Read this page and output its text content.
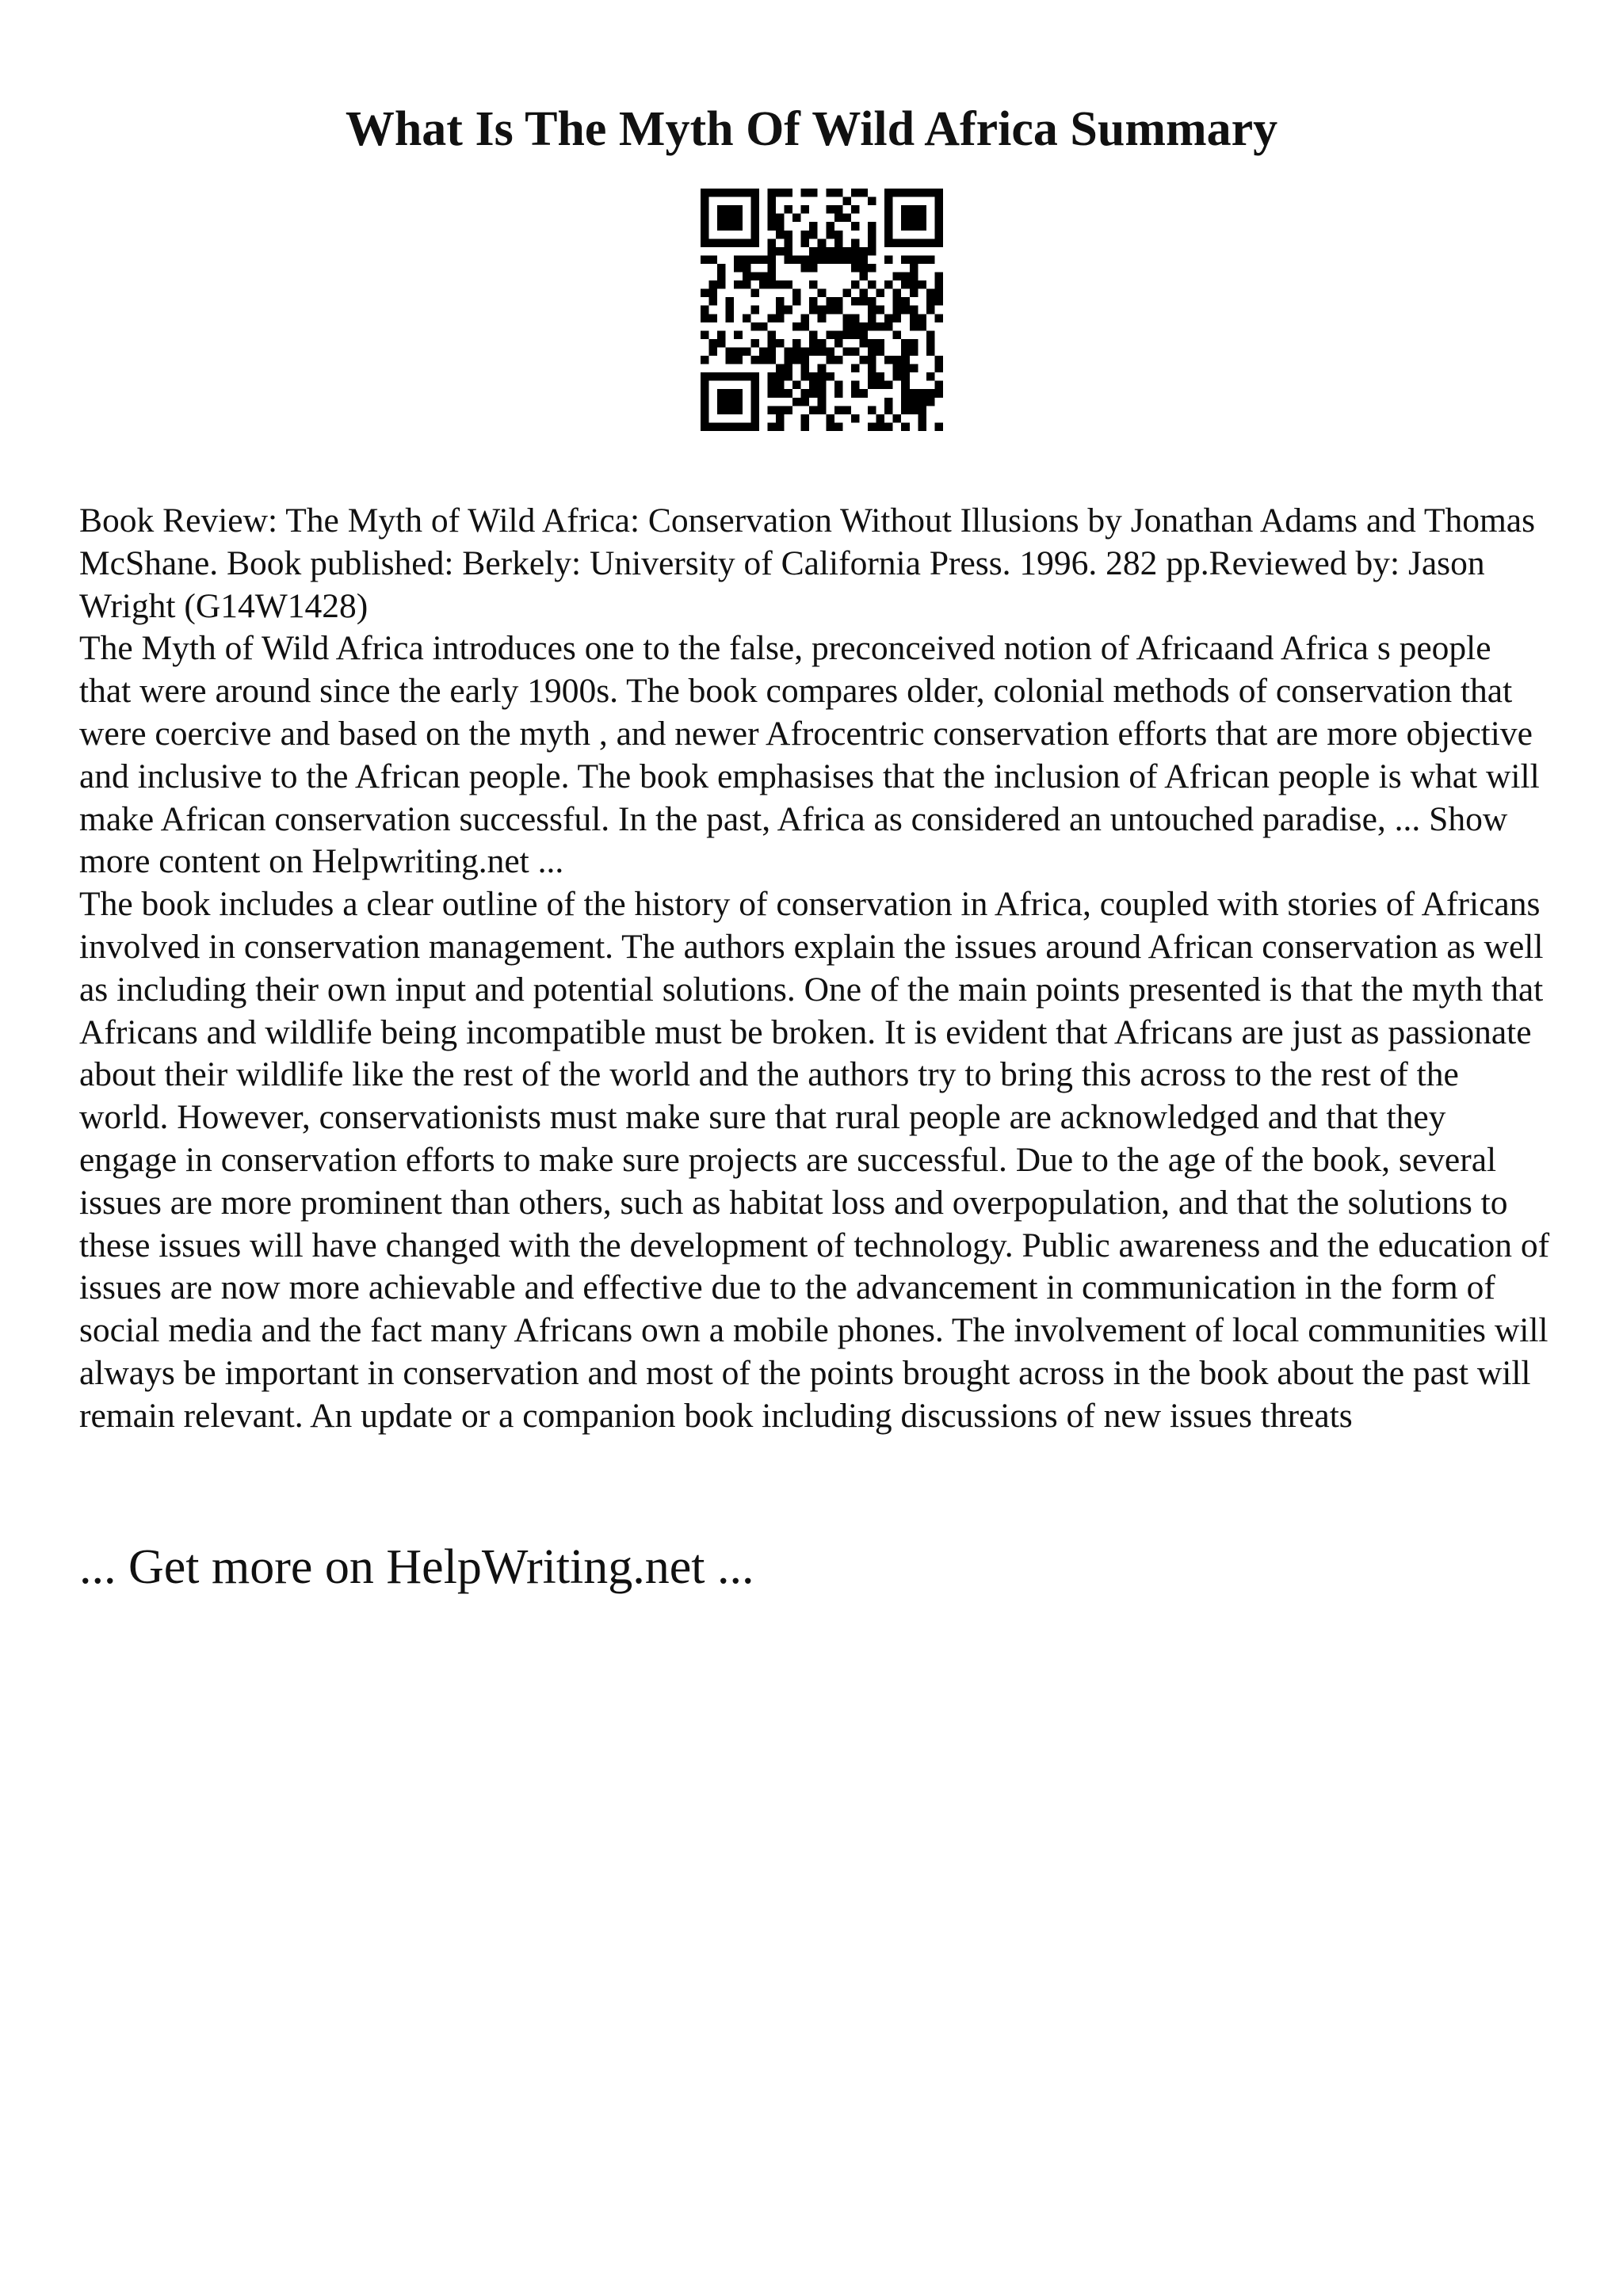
What Is The Myth Of Wild Africa Summary

Book Review: The Myth of Wild Africa: Conservation Without Illusions by Jonathan Adams and Thomas McShane. Book published: Berkely: University of California Press. 1996. 282 pp.Reviewed by: Jason Wright (G14W1428)

The Myth of Wild Africa introduces one to the false, preconceived notion of Africaand Africa s people that were around since the early 1900s. The book compares older, colonial methods of conservation that were coercive and based on the myth , and newer Afrocentric conservation efforts that are more objective and inclusive to the African people. The book emphasises that the inclusion of African people is what will make African conservation successful. In the past, Africa as considered an untouched paradise, ... Show more content on Helpwriting.net ...

The book includes a clear outline of the history of conservation in Africa, coupled with stories of Africans involved in conservation management. The authors explain the issues around African conservation as well as including their own input and potential solutions. One of the main points presented is that the myth that Africans and wildlife being incompatible must be broken. It is evident that Africans are just as passionate about their wildlife like the rest of the world and the authors try to bring this across to the rest of the world. However, conservationists must make sure that rural people are acknowledged and that they engage in conservation efforts to make sure projects are successful. Due to the age of the book, several issues are more prominent than others, such as habitat loss and overpopulation, and that the solutions to these issues will have changed with the development of technology. Public awareness and the education of issues are now more achievable and effective due to the advancement in communication in the form of social media and the fact many Africans own a mobile phones. The involvement of local communities will always be important in conservation and most of the points brought across in the book about the past will remain relevant. An update or a companion book including discussions of new issues threats

... Get more on HelpWriting.net ...
